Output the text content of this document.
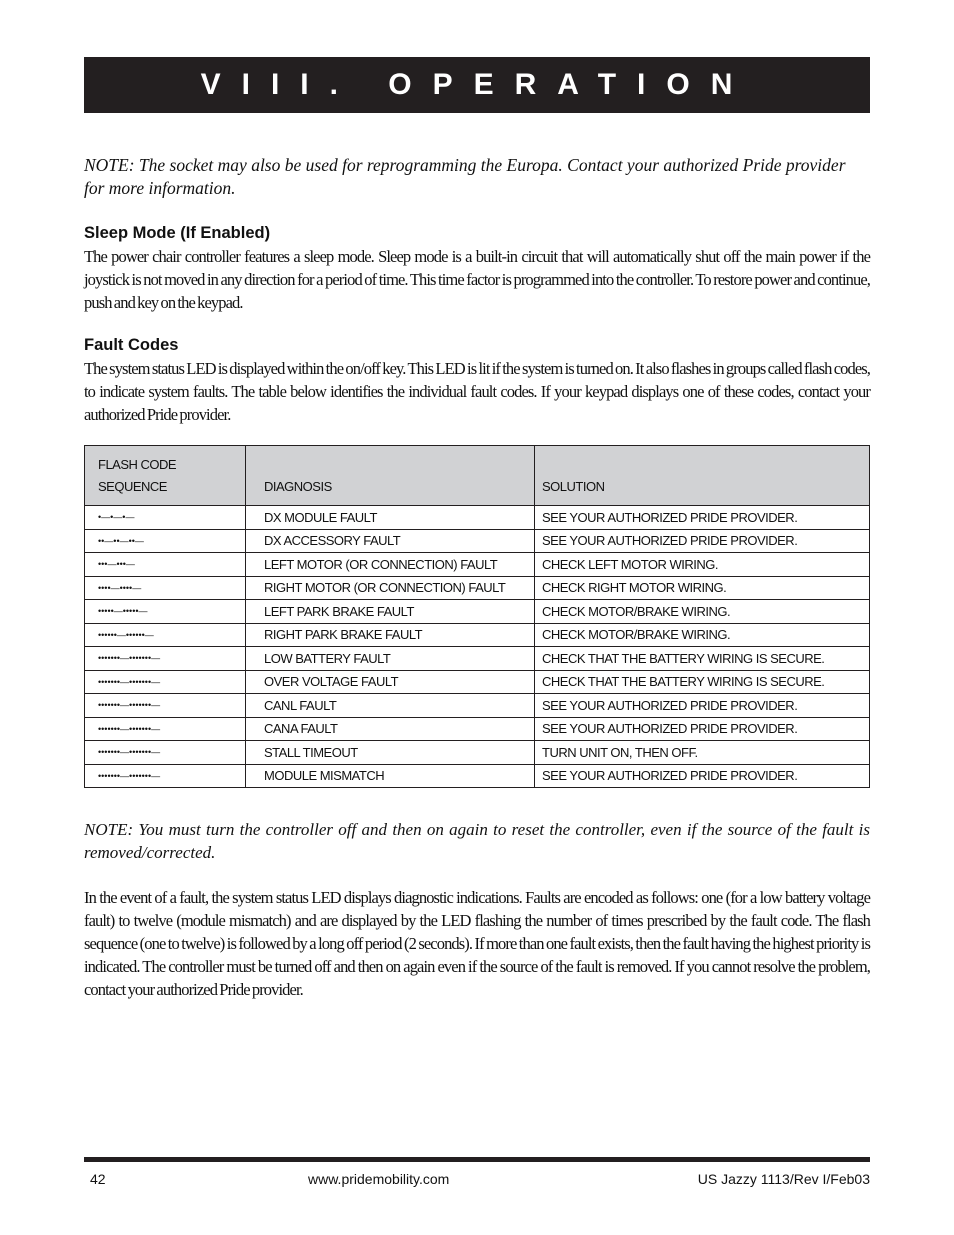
VIII. OPERATION
NOTE: The socket may also be used for reprogramming the Europa. Contact your authorized Pride provider for more information.
Sleep Mode (If Enabled)
The power chair controller features a sleep mode. Sleep mode is a built-in circuit that will automatically shut off the main power if the joystick is not moved in any direction for a period of time. This time factor is programmed into the controller. To restore power and continue, push and key on the keypad.
Fault Codes
The system status LED is displayed within the on/off key. This LED is lit if the system is turned on. It also flashes in groups called flash codes, to indicate system faults. The table below identifies the individual fault codes. If your keypad displays one of these codes, contact your authorized Pride provider.
FLASH CODE
SEQUENCE	DIAGNOSIS	SOLUTION
•—•—•—	DX MODULE FAULT	SEE YOUR AUTHORIZED PRIDE PROVIDER.
••—••—••—	DX ACCESSORY FAULT	SEE YOUR AUTHORIZED PRIDE PROVIDER.
•••—•••—	LEFT MOTOR (OR CONNECTION) FAULT	CHECK LEFT MOTOR WIRING.
••••—••••—	RIGHT MOTOR (OR CONNECTION) FAULT	CHECK RIGHT MOTOR WIRING.
•••••—•••••—	LEFT PARK BRAKE FAULT	CHECK MOTOR/BRAKE WIRING.
••••••—••••••—	RIGHT PARK BRAKE FAULT	CHECK MOTOR/BRAKE WIRING.
•••••••—•••••••—	LOW BATTERY FAULT	CHECK THAT THE BATTERY WIRING IS SECURE.
•••••••—•••••••—	OVER VOLTAGE FAULT	CHECK THAT THE BATTERY WIRING IS SECURE.
•••••••—•••••••—	CANL FAULT	SEE YOUR AUTHORIZED PRIDE PROVIDER.
•••••••—•••••••—	CANA FAULT	SEE YOUR AUTHORIZED PRIDE PROVIDER.
•••••••—•••••••—	STALL TIMEOUT	TURN UNIT ON, THEN OFF.
•••••••—•••••••—	MODULE MISMATCH	SEE YOUR AUTHORIZED PRIDE PROVIDER.
NOTE: You must turn the controller off and then on again to reset the controller, even if the source of the fault is removed/corrected.
In the event of a fault, the system status LED displays diagnostic indications. Faults are encoded as follows: one (for a low battery voltage fault) to twelve (module mismatch) and are displayed by the LED flashing the number of times prescribed by the fault code. The flash sequence (one to twelve) is followed by a long off period (2 seconds). If more than one fault exists, then the fault having the highest priority is indicated. The controller must be turned off and then on again even if the source of the fault is removed. If you cannot resolve the problem, contact your authorized Pride provider.
42	www.pridemobility.com	US Jazzy 1113/Rev I/Feb03
